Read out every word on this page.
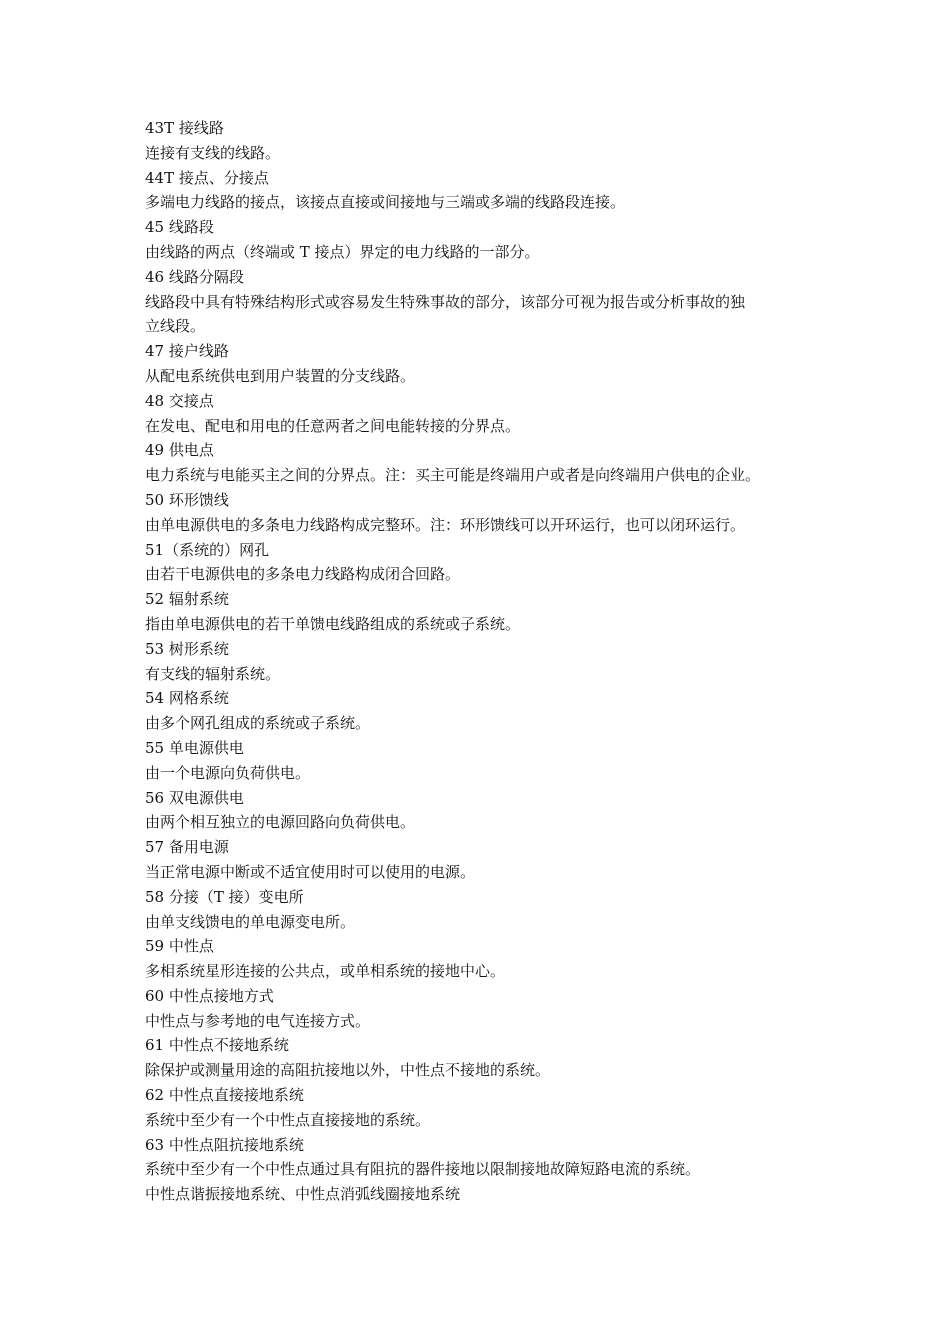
43T 接线路
连接有支线的线路。
44T 接点、分接点
多端电力线路的接点，该接点直接或间接地与三端或多端的线路段连接。
45 线路段
由线路的两点（终端或 T 接点）界定的电力线路的一部分。
46 线路分隔段
线路段中具有特殊结构形式或容易发生特殊事故的部分，该部分可视为报告或分析事故的独
立线段。
47 接户线路
从配电系统供电到用户装置的分支线路。
48 交接点
在发电、配电和用电的任意两者之间电能转接的分界点。
49 供电点
电力系统与电能买主之间的分界点。注：买主可能是终端用户或者是向终端用户供电的企业。
50 环形馈线
由单电源供电的多条电力线路构成完整环。注：环形馈线可以开环运行，也可以闭环运行。
51（系统的）网孔
由若干电源供电的多条电力线路构成闭合回路。
52 辐射系统
指由单电源供电的若干单馈电线路组成的系统或子系统。
53 树形系统
有支线的辐射系统。
54 网格系统
由多个网孔组成的系统或子系统。
55 单电源供电
由一个电源向负荷供电。
56 双电源供电
由两个相互独立的电源回路向负荷供电。
57 备用电源
当正常电源中断或不适宜使用时可以使用的电源。
58 分接（T 接）变电所
由单支线馈电的单电源变电所。
59 中性点
多相系统星形连接的公共点，或单相系统的接地中心。
60 中性点接地方式
中性点与参考地的电气连接方式。
61 中性点不接地系统
除保护或测量用途的高阻抗接地以外，中性点不接地的系统。
62 中性点直接接地系统
系统中至少有一个中性点直接接地的系统。
63 中性点阻抗接地系统
系统中至少有一个中性点通过具有阻抗的器件接地以限制接地故障短路电流的系统。
中性点谐振接地系统、中性点消弧线圈接地系统
